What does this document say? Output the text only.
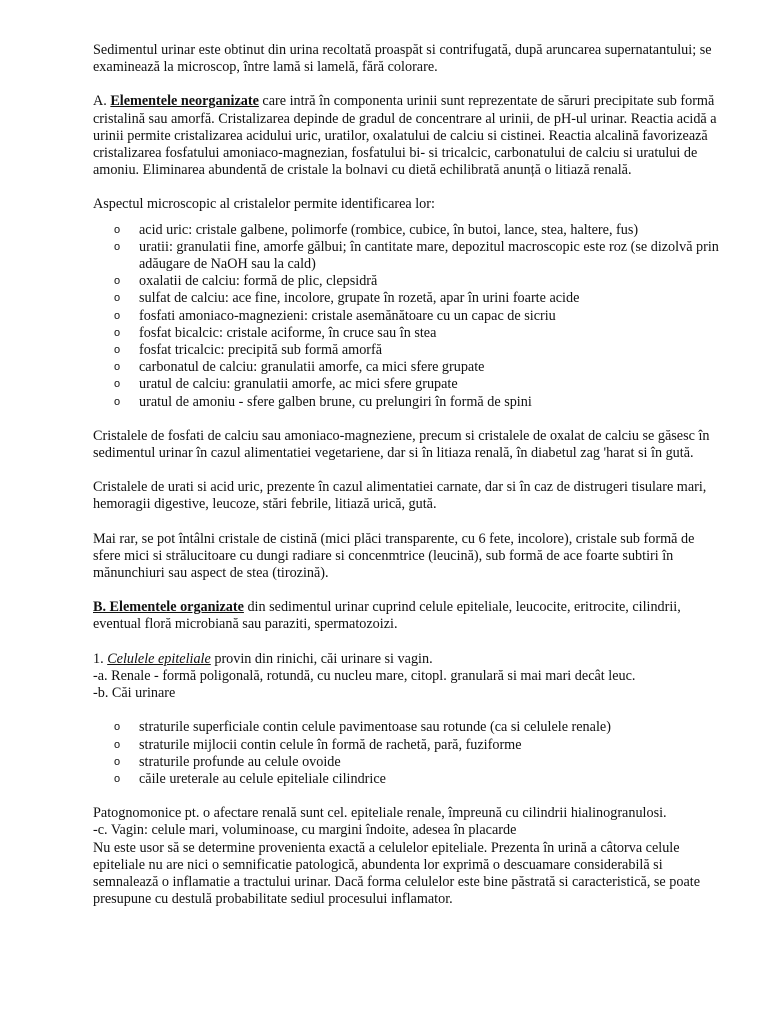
Sedimentul urinar este obtinut din urina recoltată proaspăt si contrifugată, după aruncarea supernatantului; se examinează la microscop, între lamă si lamelă, fără colorare.

A. Elementele neorganizate care intră în componenta urinii sunt reprezentate de săruri precipitate sub formă cristalină sau amorfă. Cristalizarea depinde de gradul de concentrare al urinii, de pH-ul urinar. Reactia acidă a urinii permite cristalizarea acidului uric, uratilor, oxalatului de calciu si cistinei. Reactia alcalină favorizează cristalizarea fosfatului amoniaco-magnezian, fosfatului bi- si tricalcic, carbonatului de calciu si uratului de amoniu. Eliminarea abundentă de cristale la bolnavi cu dietă echilibrată anunță o litiază renală.

Aspectul microscopic al cristalelor permite identificarea lor:

o acid uric: cristale galbene, polimorfe (rombice, cubice, în butoi, lance, stea, haltere, fus)
o uratii: granulatii fine, amorfe gălbui; în cantitate mare, depozitul macroscopic este roz (se dizolvă prin adăugare de NaOH sau la cald)
o oxalatii de calciu: formă de plic, clepsidră
o sulfat de calciu: ace fine, incolore, grupate în rozetă, apar în urini foarte acide
o fosfati amoniaco-magnezieni: cristale asemănătoare cu un capac de sicriu
o fosfat bicalcic: cristale aciforme, în cruce sau în stea
o fosfat tricalcic: precipită sub formă amorfă
o carbonatul de calciu: granulatii amorfe, ca mici sfere grupate
o uratul de calciu: granulatii amorfe, ac mici sfere grupate
o uratul de amoniu - sfere galben brune, cu prelungiri în formă de spini

Cristalele de fosfati de calciu sau amoniaco-magneziene, precum si cristalele de oxalat de calciu se găsesc în sedimentul urinar în cazul alimentatiei vegetariene, dar si în litiaza renală, în diabetul zag 'harat si în gută.

Cristalele de urati si acid uric, prezente în cazul alimentatiei carnate, dar si în caz de distrugeri tisulare mari, hemoragii digestive, leucoze, stări febrile, litiază urică, gută.

Mai rar, se pot întâlni cristale de cistină (mici plăci transparente, cu 6 fete, incolore), cristale sub formă de sfere mici si strălucitoare cu dungi radiare si concenmtrice (leucină), sub formă de ace foarte subtiri în mănunchiuri sau aspect de stea (tirozină).

B. Elementele organizate din sedimentul urinar cuprind celule epiteliale, leucocite, eritrocite, cilindrii, eventual floră microbiană sau paraziti, spermatozoizi.

1. Celulele epiteliale provin din rinichi, căi urinare si vagin.

-a. Renale - formă poligonală, rotundă, cu nucleu mare, citopl. granulară si mai mari decât leuc.

-b. Căi urinare

o straturile superficiale contin celule pavimentoase sau rotunde (ca si celulele renale)
o straturile mijlocii contin celule în formă de rachetă, pară, fuziforme
o straturile profunde au celule ovoide
o căile ureterale au celule epiteliale cilindrice

Patognomonice pt. o afectare renală sunt cel. epiteliale renale, împreună cu cilindrii hialinogranulosi.

-c. Vagin: celule mari, voluminoase, cu margini îndoite, adesea în placarde

Nu este usor să se determine provenienta exactă a celulelor epiteliale. Prezenta în urină a câtorva celule epiteliale nu are nici o semnificatie patologică, abundenta lor exprimă o descuamare considerabilă si semnalează o inflamatie a tractului urinar. Dacă forma celulelor este bine păstrată si caracteristică, se poate presupune cu destulă probabilitate sediul procesului inflamator.
